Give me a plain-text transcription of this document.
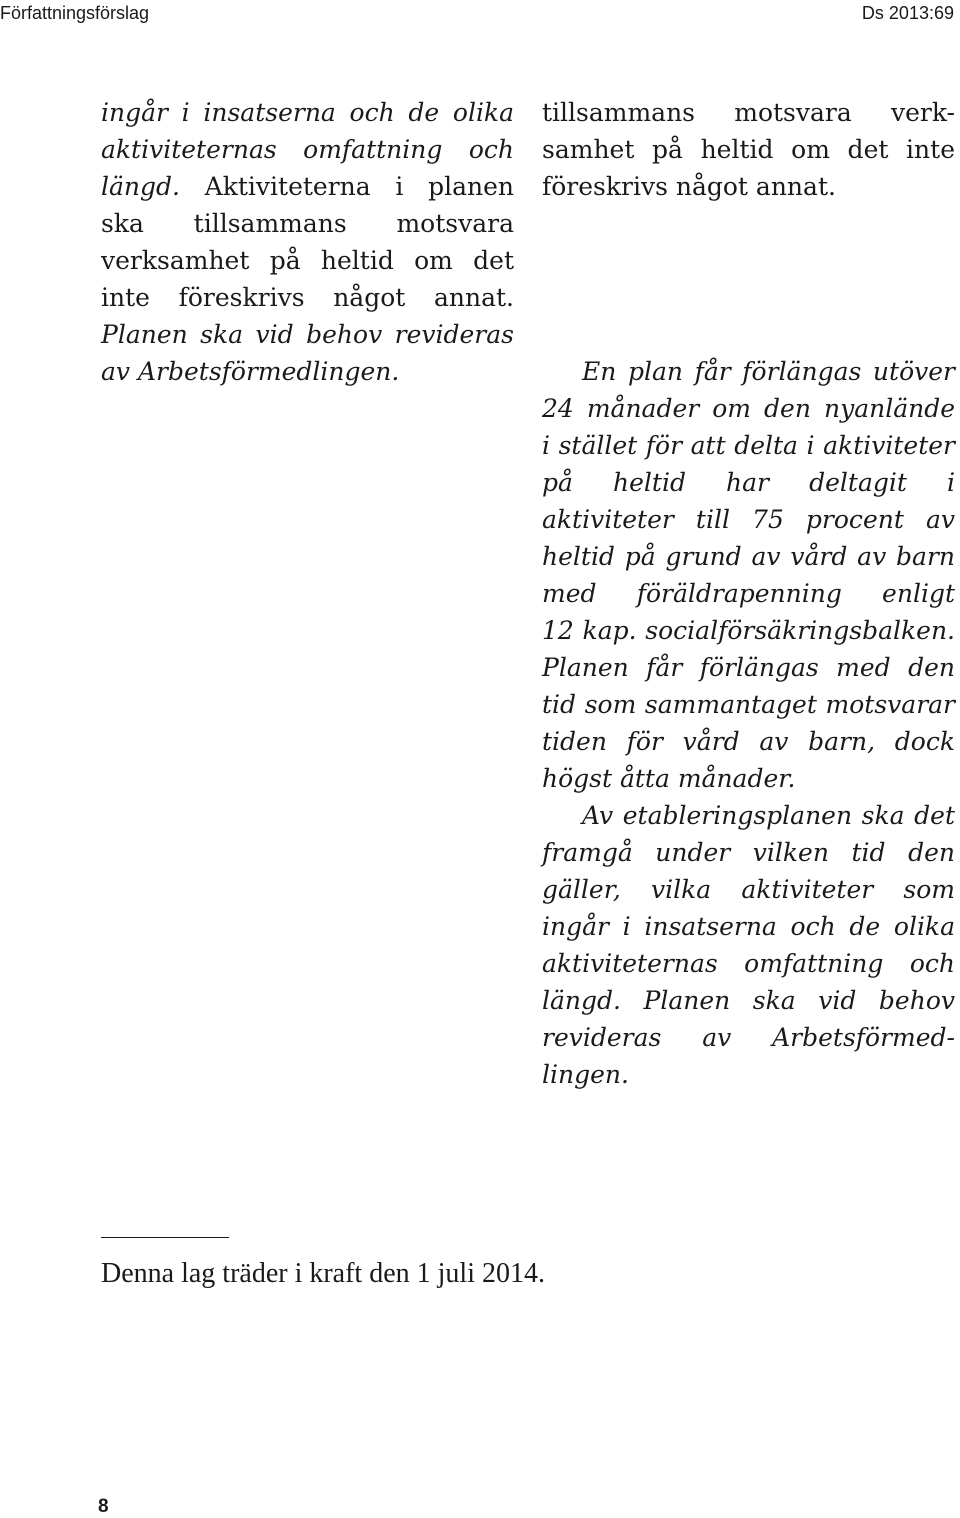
Författningsförslag	Ds 2013:69
ingår i insatserna och de olika
aktiviteternas omfattning och
längd. Aktiviteterna i planen
ska tillsammans motsvara
verksamhet på heltid om det
inte föreskrivs något annat.
Planen ska vid behov revideras
av Arbetsförmedlingen.
tillsammans motsvara verk-
samhet på heltid om det inte
föreskrivs något annat.
En plan får förlängas utöver
24 månader om den nyanlände
i stället för att delta i aktiviteter
på heltid har deltagit i
aktiviteter till 75 procent av
heltid på grund av vård av barn
med föräldrapenning enligt
12 kap. socialförsäkringsbalken.
Planen får förlängas med den
tid som sammantaget motsvarar
tiden för vård av barn, dock
högst åtta månader.
Av etableringsplanen ska det
framgå under vilken tid den
gäller, vilka aktiviteter som
ingår i insatserna och de olika
aktiviteternas omfattning och
längd. Planen ska vid behov
revideras av Arbetsförmed-
lingen.
Denna lag träder i kraft den 1 juli 2014.
8
